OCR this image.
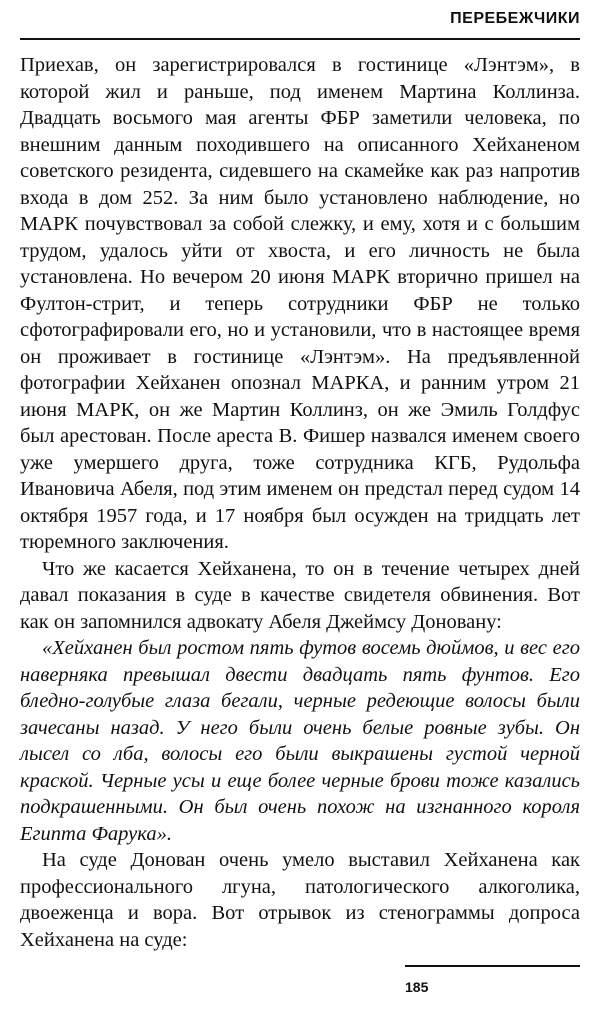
ПЕРЕБЕЖЧИКИ

Приехав, он зарегистрировался в гостинице «Лэнтэм», в которой жил и раньше, под именем Мартина Коллинза. Двадцать восьмого мая агенты ФБР заметили человека, по внешним данным походившего на описанного Хейханеном советского резидента, сидевшего на скамейке как раз напротив входа в дом 252. За ним было установлено наблюдение, но МАРК почувствовал за собой слежку, и ему, хотя и с большим трудом, удалось уйти от хвоста, и его личность не была установлена. Но вечером 20 июня МАРК вторично пришел на Фултон-стрит, и теперь сотрудники ФБР не только сфотографировали его, но и установили, что в настоящее время он проживает в гостинице «Лэнтэм». На предъявленной фотографии Хейханен опознал МАРКА, и ранним утром 21 июня МАРК, он же Мартин Коллинз, он же Эмиль Голдфус был арестован. После ареста В. Фишер назвался именем своего уже умершего друга, тоже сотрудника КГБ, Рудольфа Ивановича Абеля, под этим именем он предстал перед судом 14 октября 1957 года, и 17 ноября был осужден на тридцать лет тюремного заключения.

Что же касается Хейханена, то он в течение четырех дней давал показания в суде в качестве свидетеля обвинения. Вот как он запомнился адвокату Абеля Джеймсу Доновану:

«Хейханен был ростом пять футов восемь дюймов, и вес его наверняка превышал двести двадцать пять фунтов. Его бледно-голубые глаза бегали, черные редеющие волосы были зачесаны назад. У него были очень белые ровные зубы. Он лысел со лба, волосы его были выкрашены густой черной краской. Черные усы и еще более черные брови тоже казались подкрашенными. Он был очень похож на изгнанного короля Египта Фарука».

На суде Донован очень умело выставил Хейханена как профессионального лгуна, патологического алкоголика, двоеженца и вора. Вот отрывок из стенограммы допроса Хейханена на суде:

185
